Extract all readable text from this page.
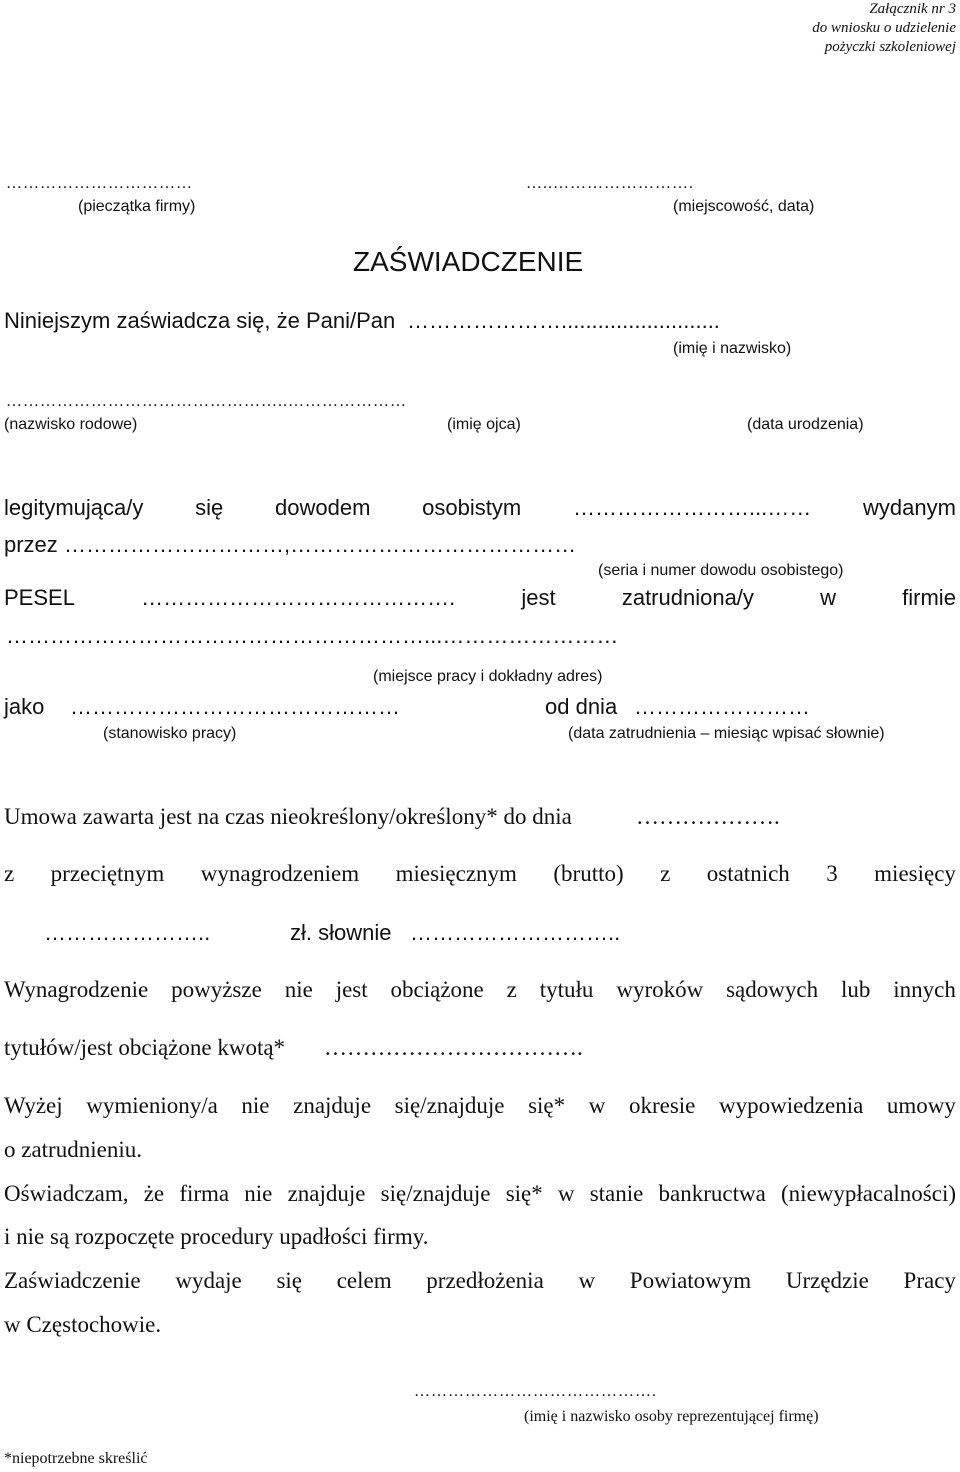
Załącznik nr 3
do wniosku o udzielenie
pożyczki szkoleniowej
……………………………
(pieczątka firmy)
…..…………………….
(miejscowość, data)
ZAŚWIADCZENIE
Niniejszym zaświadcza się, że Pani/Pan …………………..........................
(imię i nazwisko)
…………………………………………..…………………
(nazwisko rodowe)	(imię ojca)	(data urodzenia)
legitymująca/y się dowodem osobistym ……………………...…… wydanym
przez …………………………,…………………………………
(seria i numer dowodu osobistego)
PESEL	…………………………………….	jest	zatrudniona/y	w	firmie
…………………………………………………...……………………
(miejsce pracy i dokładny adres)
jako ………………………………………	od dnia ……………………
(stanowisko pracy)	(data zatrudnienia – miesiąc wpisać słownie)
Umowa zawarta jest na czas nieokreślony/określony* do dnia	……………….
z przeciętnym wynagrodzeniem miesięcznym (brutto) z ostatnich 3 miesięcy
…………………..	zł. słownie ………………………..
Wynagrodzenie powyższe nie jest obciążone z tytułu wyroków sądowych lub innych
tytułów/jest obciążone kwotą* …………………………….
Wyżej wymieniony/a nie znajduje się/znajduje się* w okresie wypowiedzenia umowy
o zatrudnieniu.
Oświadczam, że firma nie znajduje się/znajduje się* w stanie bankructwa (niewypłacalności)
i nie są rozpoczęte procedury upadłości firmy.
Zaświadczenie wydaje się celem przedłożenia w Powiatowym Urzędzie Pracy
w Częstochowie.
…………………………………….
(imię i nazwisko osoby reprezentującej firmę)
*niepotrzebne skreślić
